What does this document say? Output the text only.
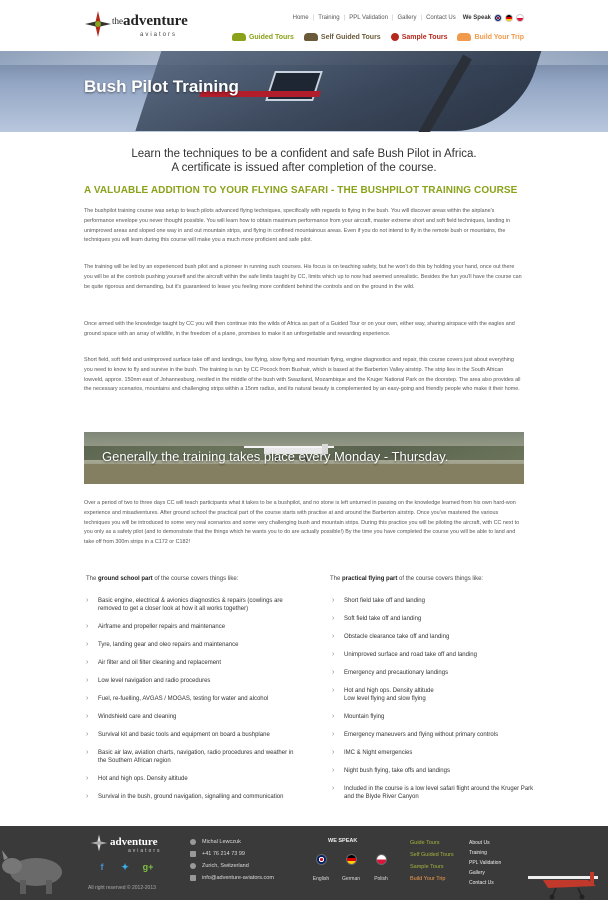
$^{the}$adventure
aviators
Home | Training | PPL Validation | Gallery | Contact Us We Speak
Guided Tours	Self Guided Tours	Sample Tours	Build Your Trip
Bush Pilot Training
Learn the techniques to be a confident and safe Bush Pilot in Africa.
A certificate is issued after completion of the course.
A VALUABLE ADDITION TO YOUR FLYING SAFARI - THE BUSHPILOT TRAINING COURSE

The bushpilot training course was setup to teach pilots advanced flying techniques, specifically with regards to flying in the bush. You will discover areas within the airplane's performance envelope you never thought possible. You will learn how to obtain maximum performance from your aircraft, master extreme short and soft field techniques, landing in unimproved areas and sloped one way in and out mountain strips, and flying in confined mountainous areas. Even if you do not intend to fly in the remote bush or mountains, the techniques you will learn during this course will make you a much more proficient and safe pilot.

The training will be led by an experienced bush pilot and a pioneer in running such courses. His focus is on teaching safety, but he won't do this by holding your hand, once out there you will be at the controls pushing yourself and the aircraft within the safe limits taught by CC, limits which up to now had seemed unrealistic. Besides the fun you'll have the course can be quite rigorous and demanding, but it's guaranteed to leave you feeling more confident behind the controls and on the ground in the wild.

Once armed with the knowledge taught by CC you will then continue into the wilds of Africa as part of a Guided Tour or on your own, either way, sharing airspace with the eagles and ground space with an array of wildlife, in the freedom of a plane, promises to make it an unforgettable and rewarding experience.

Short field, soft field and unimproved surface take off and landings, low flying, slow flying and mountain flying, engine diagnostics and repair, this course covers just about everything you need to know to fly and survive in the bush. The training is run by CC Pocock from Bushair, which is based at the Barberton Valley airstrip. The strip lies in the South African lowveld, approx. 150nm east of Johannesburg, nestled in the middle of the bush with Swaziland, Mozambique and the Kruger National Park on the doorstep. The area also provides all the necessary scenarios, mountains and challenging strips within a 15nm radius, and its natural beauty is complemented by an easy-going and friendly people who make it their home.

Generally the training takes place every Monday - Thursday.

Over a period of two to three days CC will teach participants what it takes to be a bushpilot, and no stone is left unturned in passing on the knowledge learned from his own hard-won experience and misadventures. After ground school the practical part of the course starts with practise at and around the Barberton airstrip. Once you've mastered the various techniques you will be introduced to some very real scenarios and some very challenging bush and mountain strips. During this practice you will be piloting the aircraft, with CC next to you only as a safety pilot (and to demonstrate that the things which he wants you to do are actually possible!) By the time you have completed the course you will be able to land and take off from 300m strips in a C172 or C182!

The ground school part of the course covers things like:
› Basic engine, electrical & avionics diagnostics & repairs (cowlings are removed to get a closer look at how it all works together)
› Airframe and propeller repairs and maintenance
› Tyre, landing gear and oleo repairs and maintenance
› Air filter and oil filter cleaning and replacement
› Low level navigation and radio procedures
› Fuel, re-fuelling, AVGAS / MOGAS, testing for water and alcohol
› Windshield care and cleaning
› Survival kit and basic tools and equipment on board a bushplane
› Basic air law, aviation charts, navigation, radio procedures and weather in the Southern African region
› Hot and high ops. Density altitude
› Survival in the bush, ground navigation, signalling and communication
The practical flying part of the course covers things like:
› Short field take off and landing
› Soft field take off and landing
› Obstacle clearance take off and landing
› Unimproved surface and road take off and landing
› Emergency and precautionary landings
› Hot and high ops. Density altitude
Low level flying and slow flying
› Mountain flying
› Emergency maneuvers and flying without primary controls
› IMC & Night emergencies
› Night bush flying, take offs and landings
› Included in the course is a low level safari flight around the Kruger Park and the Blyde River Canyon
adventure
aviators
f	✦ g+
All right reserved © 2012-2013
Michal Lewczuk
+41 76 214 73 99
Zurich, Switzerland
info@adventure-aviators.com
WE SPEAK
English	German	Polish
Guide Tours
Self Guided Tours
Sample Tours
Build Your Trip
About Us
Training
PPL Validation
Gallery
Contact Us
